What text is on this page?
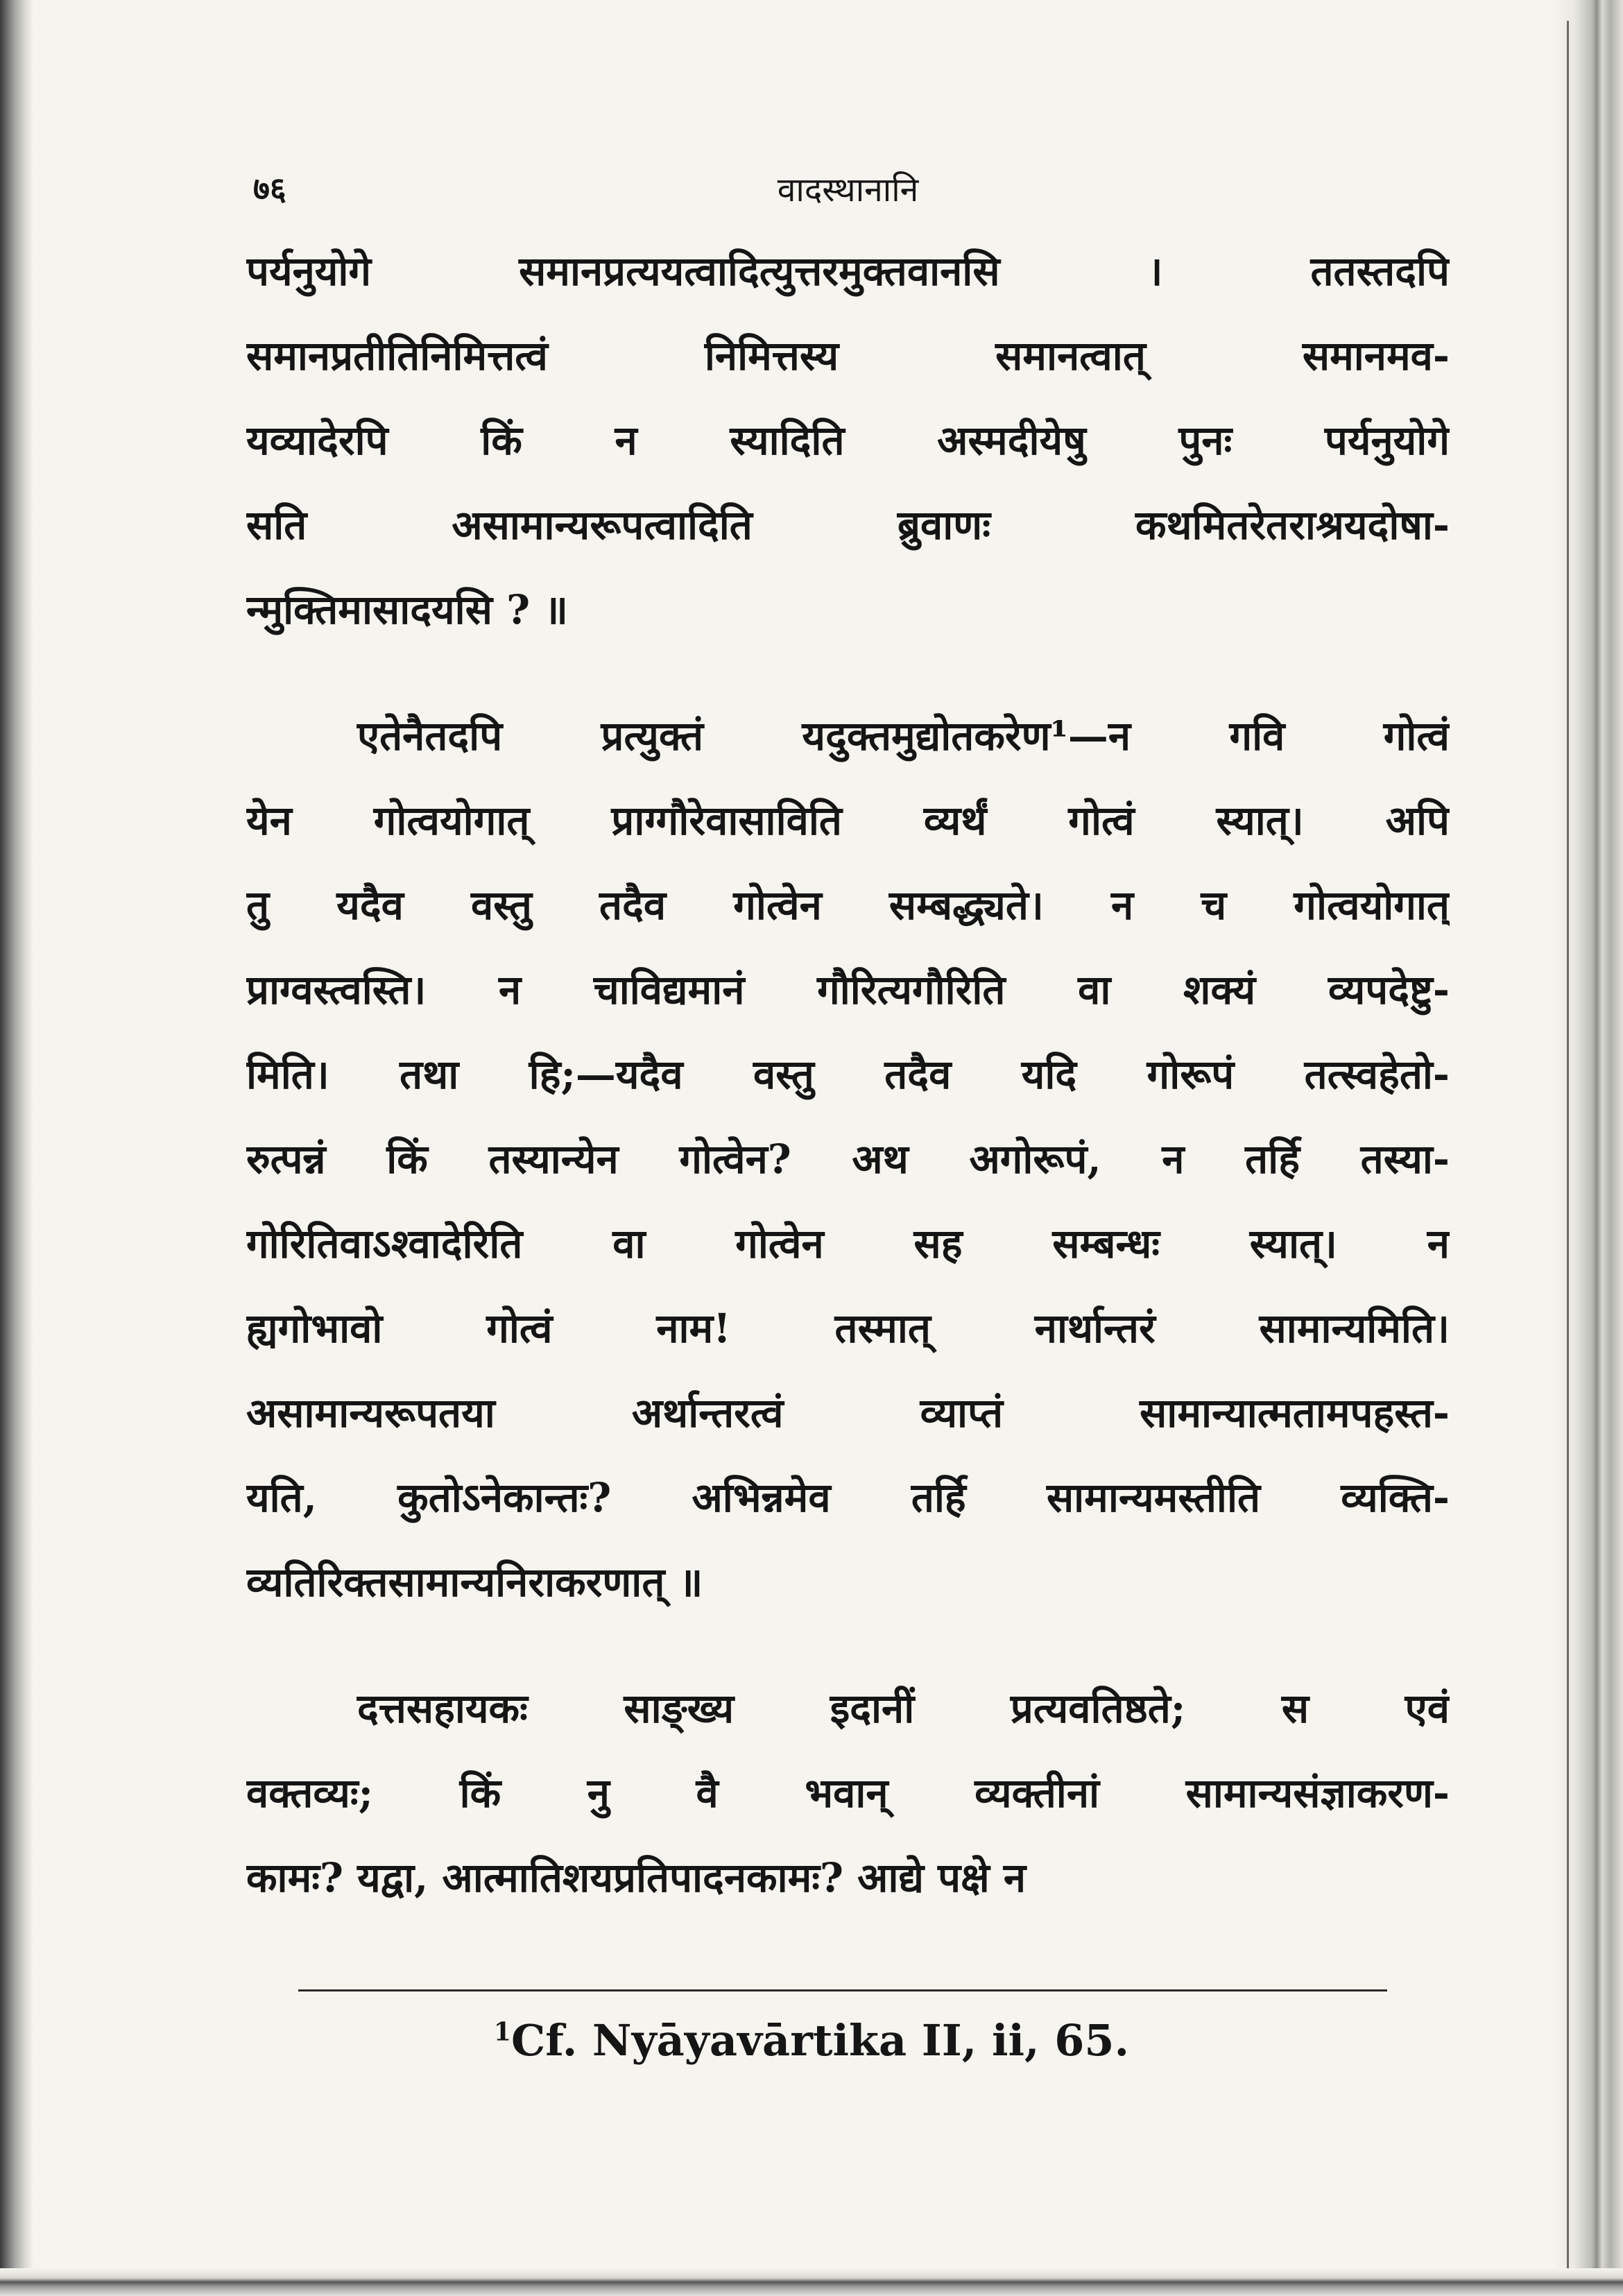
७६	वादस्थानानि
पर्यनुयोगे समानप्रत्ययत्वादित्युत्तरमुक्तवानसि । ततस्तदपि
समानप्रतीतिनिमित्तत्वं निमित्तस्य समानत्वात् समानमव-
यव्यादेरपि किं न स्यादिति अस्मदीयेषु पुनः पर्यनुयोगे
सति असामान्यरूपत्वादिति ब्रुवाणः कथमितरेतराश्रयदोषा-
न्मुक्तिमासादयसि ? ॥
एतेनैतदपि प्रत्युक्तं यदुक्तमुद्योतकरेण¹—न गवि गोत्वं
येन गोत्वयोगात् प्राग्गौरेवासाविति व्यर्थं गोत्वं स्यात्। अपि
तु यदैव वस्तु तदैव गोत्वेन सम्बद्ध्यते। न च गोत्वयोगात्
प्राग्वस्त्वस्ति। न चाविद्यमानं गौरित्यगौरिति वा शक्यं व्यपदेष्टु-
मिति। तथा हि;—यदैव वस्तु तदैव यदि गोरूपं तत्स्वहेतो-
रुत्पन्नं किं तस्यान्येन गोत्वेन? अथ अगोरूपं, न तर्हि तस्या-
गोरितिवाऽश्वादेरिति वा गोत्वेन सह सम्बन्धः स्यात्। न
ह्यगोभावो गोत्वं नाम! तस्मात् नार्थान्तरं सामान्यमिति।
असामान्यरूपतया अर्थान्तरत्वं व्याप्तं सामान्यात्मतामपहस्त-
यति, कुतोऽनेकान्तः? अभिन्नमेव तर्हि सामान्यमस्तीति व्यक्ति-
व्यतिरिक्तसामान्यनिराकरणात् ॥
दत्तसहायकः साङ्ख्य इदानीं प्रत्यवतिष्ठते; स एवं
वक्तव्यः; किं नु वै भवान् व्यक्तीनां सामान्यसंज्ञाकरण-
कामः? यद्वा, आत्मातिशयप्रतिपादनकामः? आद्ये पक्षे न
$^1$Cf. Nyāyavārtika II, ii, 65.
